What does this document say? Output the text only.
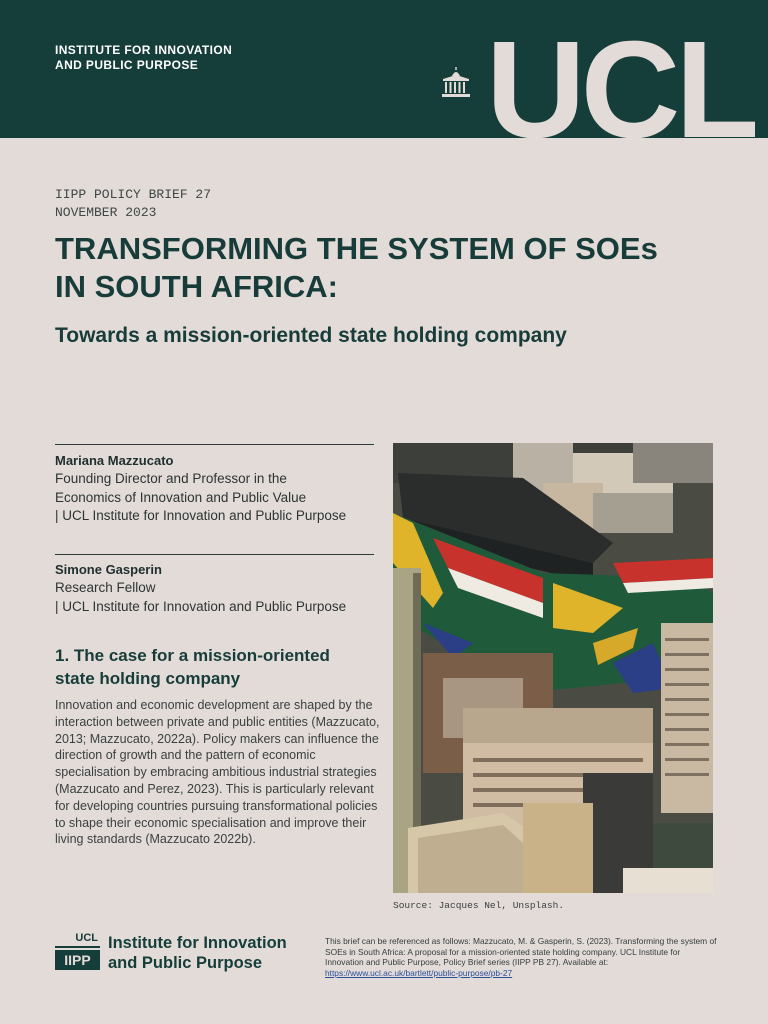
INSTITUTE FOR INNOVATION
AND PUBLIC PURPOSE UCL
IIPP POLICY BRIEF 27
NOVEMBER 2023
TRANSFORMING THE SYSTEM OF SOEs
IN SOUTH AFRICA:
Towards a mission-oriented state holding company
Mariana Mazzucato
Founding Director and Professor in the
Economics of Innovation and Public Value
| UCL Institute for Innovation and Public Purpose
Simone Gasperin
Research Fellow
| UCL Institute for Innovation and Public Purpose
1. The case for a mission-oriented
state holding company

Innovation and economic development are shaped by the interaction between private and public entities (Mazzucato, 2013; Mazzucato, 2022a). Policy makers can influence the direction of growth and the pattern of economic specialisation by embracing ambitious industrial strategies (Mazzucato and Perez, 2023). This is particularly relevant for developing countries pursuing transformational policies to shape their economic specialisation and improve their living standards (Mazzucato 2022b).

Source: Jacques Nel, Unsplash.
UCL
IIPP
Institute for Innovation
and Public Purpose
This brief can be referenced as follows: Mazzucato, M. & Gasperin, S. (2023). Transforming the system of SOEs in South Africa: A proposal for a mission-oriented state holding company. UCL Institute for Innovation and Public Purpose, Policy Brief series (IIPP PB 27). Available at: https://www.ucl.ac.uk/bartlett/public-purpose/pb-27
